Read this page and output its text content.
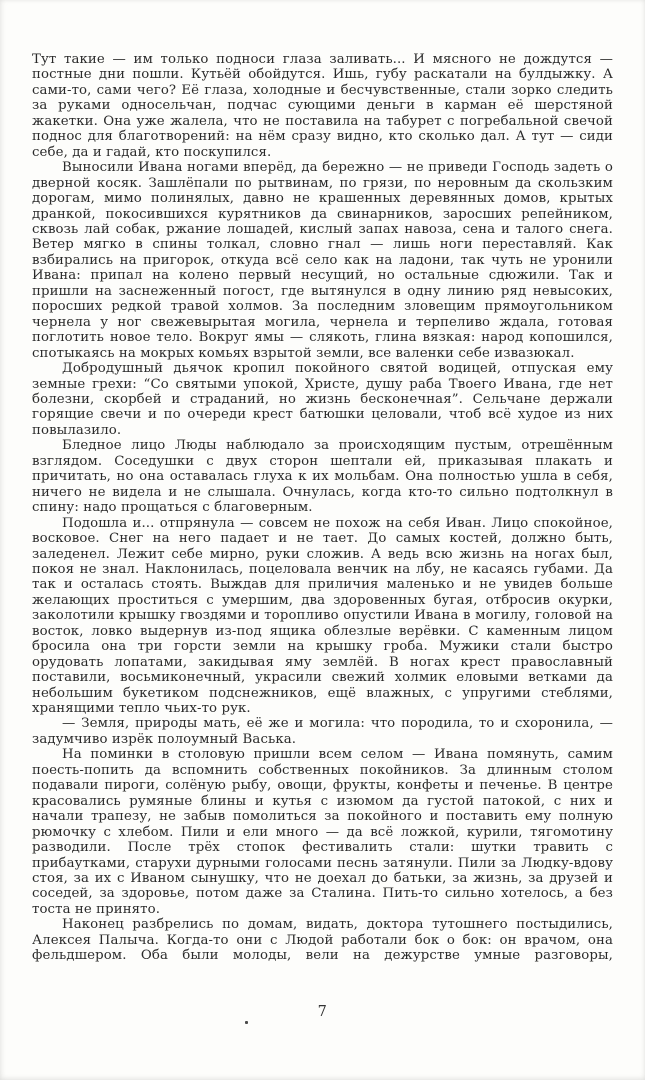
Тут такие — им только подноси глаза заливать... И мясного не дождутся — постные дни пошли. Кутьёй обойдутся. Ишь, губу раскатали на булдыжку. А сами-то, сами чего? Её глаза, холодные и бесчувственные, стали зорко следить за руками односельчан, подчас сующими деньги в карман её шерстяной жакетки. Она уже жалела, что не поставила на табурет с погребальной свечой поднос для благотворений: на нём сразу видно, кто сколько дал. А тут — сиди себе, да и гадай, кто поскупился.

Выносили Ивана ногами вперёд, да бережно — не приведи Господь задеть о дверной косяк. Зашлёпали по рытвинам, по грязи, по неровным да скользким дорогам, мимо полинялых, давно не крашенных деревянных домов, крытых дранкой, покосившихся курятников да свинарников, заросших репейником, сквозь лай собак, ржание лошадей, кислый запах навоза, сена и талого снега. Ветер мягко в спины толкал, словно гнал — лишь ноги переставляй. Как взбирались на пригорок, откуда всё село как на ладони, так чуть не уронили Ивана: припал на колено первый несущий, но остальные сдюжили. Так и пришли на заснеженный погост, где вытянулся в одну линию ряд невысоких, поросших редкой травой холмов. За последним зловещим прямоугольником чернела у ног свежевырытая могила, чернела и терпеливо ждала, готовая поглотить новое тело. Вокруг ямы — слякоть, глина вязкая: народ копошился, спотыкаясь на мокрых комьях взрытой земли, все валенки себе извазюкал.

Добродушный дьячок кропил покойного святой водицей, отпуская ему земные грехи: “Со святыми упокой, Христе, душу раба Твоего Ивана, где нет болезни, скорбей и страданий, но жизнь бесконечная”. Сельчане держали горящие свечи и по очереди крест батюшки целовали, чтоб всё худое из них повылазило.

Бледное лицо Люды наблюдало за происходящим пустым, отрешённым взглядом. Соседушки с двух сторон шептали ей, приказывая плакать и причитать, но она оставалась глуха к их мольбам. Она полностью ушла в себя, ничего не видела и не слышала. Очнулась, когда кто-то сильно подтолкнул в спину: надо прощаться с благоверным.

Подошла и... отпрянула — совсем не похож на себя Иван. Лицо спокойное, восковое. Снег на него падает и не тает. До самых костей, должно быть, заледенел. Лежит себе мирно, руки сложив. А ведь всю жизнь на ногах был, покоя не знал. Наклонилась, поцеловала венчик на лбу, не касаясь губами. Да так и осталась стоять. Выждав для приличия маленько и не увидев больше желающих проститься с умершим, два здоровенных бугая, отбросив окурки, заколотили крышку гвоздями и торопливо опустили Ивана в могилу, головой на восток, ловко выдернув из-под ящика облезлые верёвки. С каменным лицом бросила она три горсти земли на крышку гроба. Мужики стали быстро орудовать лопатами, закидывая яму землёй. В ногах крест православный поставили, восьмиконечный, украсили свежий холмик еловыми ветками да небольшим букетиком подснежников, ещё влажных, с упругими стеблями, хранящими тепло чьих-то рук.

— Земля, природы мать, её же и могила: что породила, то и схоронила, — задумчиво изрёк полоумный Васька.

На поминки в столовую пришли всем селом — Ивана помянуть, самим поесть-попить да вспомнить собственных покойников. За длинным столом подавали пироги, солёную рыбу, овощи, фрукты, конфеты и печенье. В центре красовались румяные блины и кутья с изюмом да густой патокой, с них и начали трапезу, не забыв помолиться за покойного и поставить ему полную рюмочку с хлебом. Пили и ели много — да всё ложкой, курили, тягомотину разводили. После трёх стопок фестивалить стали: шутки травить с прибаутками, старухи дурными голосами песнь затянули. Пили за Людку-вдову стоя, за их с Иваном сынушку, что не доехал до батьки, за жизнь, за друзей и соседей, за здоровье, потом даже за Сталина. Пить-то сильно хотелось, а без тоста не принято.

Наконец разбрелись по домам, видать, доктора тутошнего постыдились, Алексея Палыча. Когда-то они с Людой работали бок о бок: он врачом, она фельдшером. Оба были молоды, вели на дежурстве умные разговоры,

7
